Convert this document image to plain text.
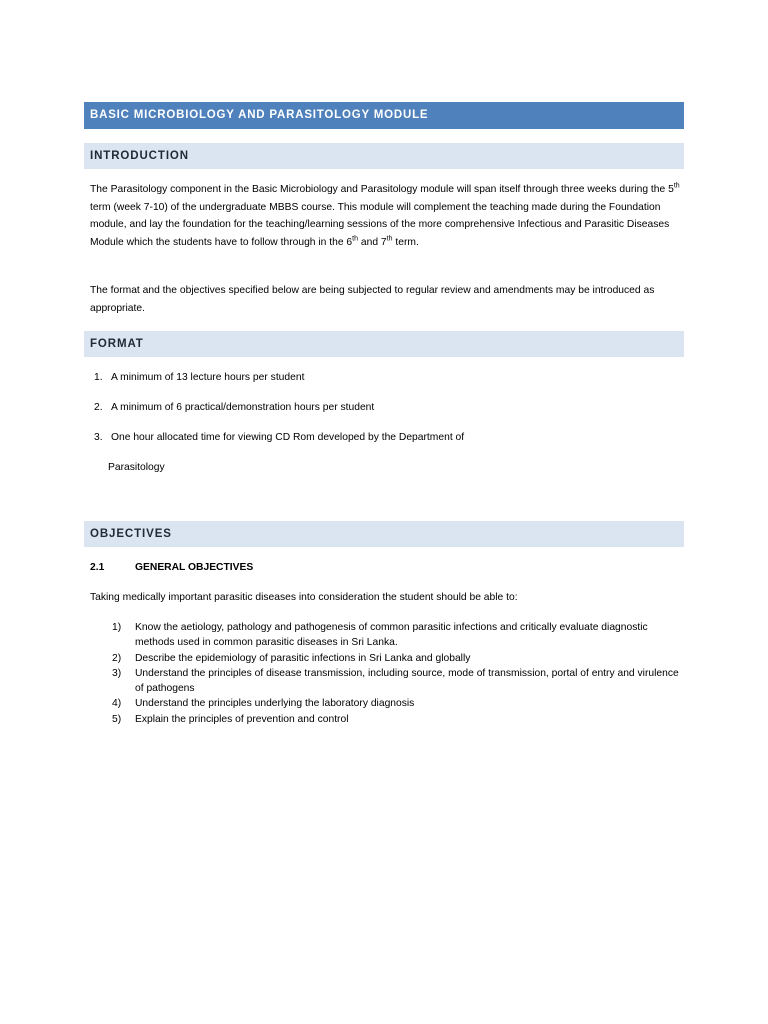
BASIC MICROBIOLOGY AND PARASITOLOGY MODULE
INTRODUCTION
The Parasitology component in the Basic Microbiology and Parasitology module will span itself through three weeks during the 5th term (week 7-10) of the undergraduate MBBS course. This module will complement the teaching made during the Foundation module, and lay the foundation for the teaching/learning sessions of the more comprehensive Infectious and Parasitic Diseases Module which the students have to follow through in the 6th and 7th term.
The format and the objectives specified below are being subjected to regular review and amendments may be introduced as appropriate.
FORMAT
1. A minimum of 13 lecture hours per student
2. A minimum of 6 practical/demonstration hours per student
3. One hour allocated time for viewing CD Rom developed by the Department of
Parasitology
OBJECTIVES
2.1	GENERAL OBJECTIVES
Taking medically important parasitic diseases into consideration the student should be able to:
1)	Know the aetiology, pathology and pathogenesis of common parasitic infections and critically evaluate diagnostic methods used in common parasitic diseases in Sri Lanka.
2)	Describe the epidemiology of parasitic infections in Sri Lanka and globally
3)	Understand the principles of disease transmission, including source, mode of transmission, portal of entry and virulence of pathogens
4)	Understand the principles underlying the laboratory diagnosis
5)	Explain the principles of prevention and control
